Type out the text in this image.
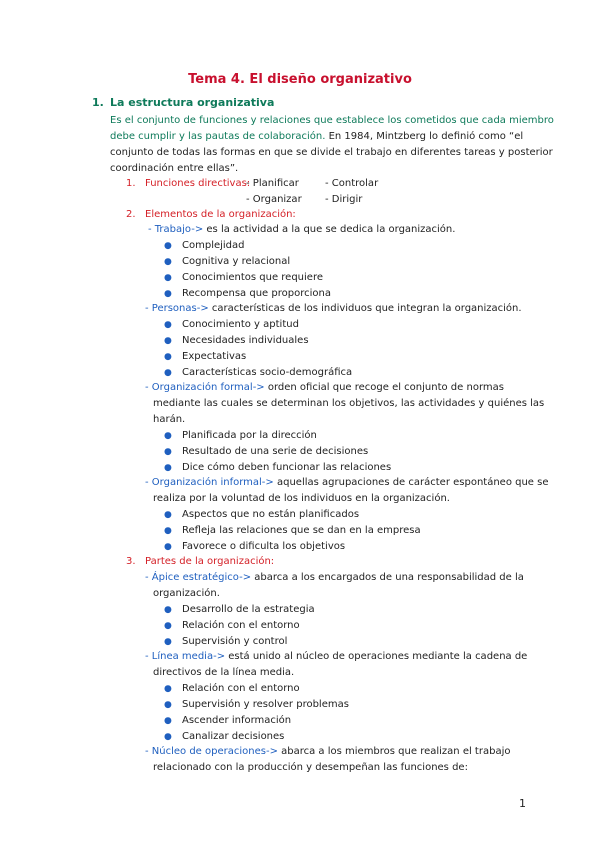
Tema 4. El diseño organizativo
1. La estructura organizativa
Es el conjunto de funciones y relaciones que establece los cometidos que cada miembro
debe cumplir y las pautas de colaboración. En 1984, Mintzberg lo definió como “el
conjunto de todas las formas en que se divide el trabajo en diferentes tareas y posterior
coordinación entre ellas”.
1. Funciones directivas:
- Planificar	- Controlar
- Organizar - Dirigir
2. Elementos de la organización:
- Trabajo-> es la actividad a la que se dedica la organización.
● Complejidad
● Cognitiva y relacional
● Conocimientos que requiere
● Recompensa que proporciona
- Personas-> características de los individuos que integran la organización.
● Conocimiento y aptitud
● Necesidades individuales
● Expectativas
● Características socio-demográfica
- Organización formal-> orden oficial que recoge el conjunto de normas
mediante las cuales se determinan los objetivos, las actividades y quiénes las
harán.
● Planificada por la dirección
● Resultado de una serie de decisiones
● Dice cómo deben funcionar las relaciones
- Organización informal-> aquellas agrupaciones de carácter espontáneo que se
realiza por la voluntad de los individuos en la organización.
● Aspectos que no están planificados
● Refleja las relaciones que se dan en la empresa
● Favorece o dificulta los objetivos
3. Partes de la organización:
- Ápice estratégico-> abarca a los encargados de una responsabilidad de la
organización.
● Desarrollo de la estrategia
● Relación con el entorno
● Supervisión y control
- Línea media-> está unido al núcleo de operaciones mediante la cadena de
directivos de la línea media.
● Relación con el entorno
● Supervisión y resolver problemas
● Ascender información
● Canalizar decisiones
- Núcleo de operaciones-> abarca a los miembros que realizan el trabajo
relacionado con la producción y desempeñan las funciones de:
1
